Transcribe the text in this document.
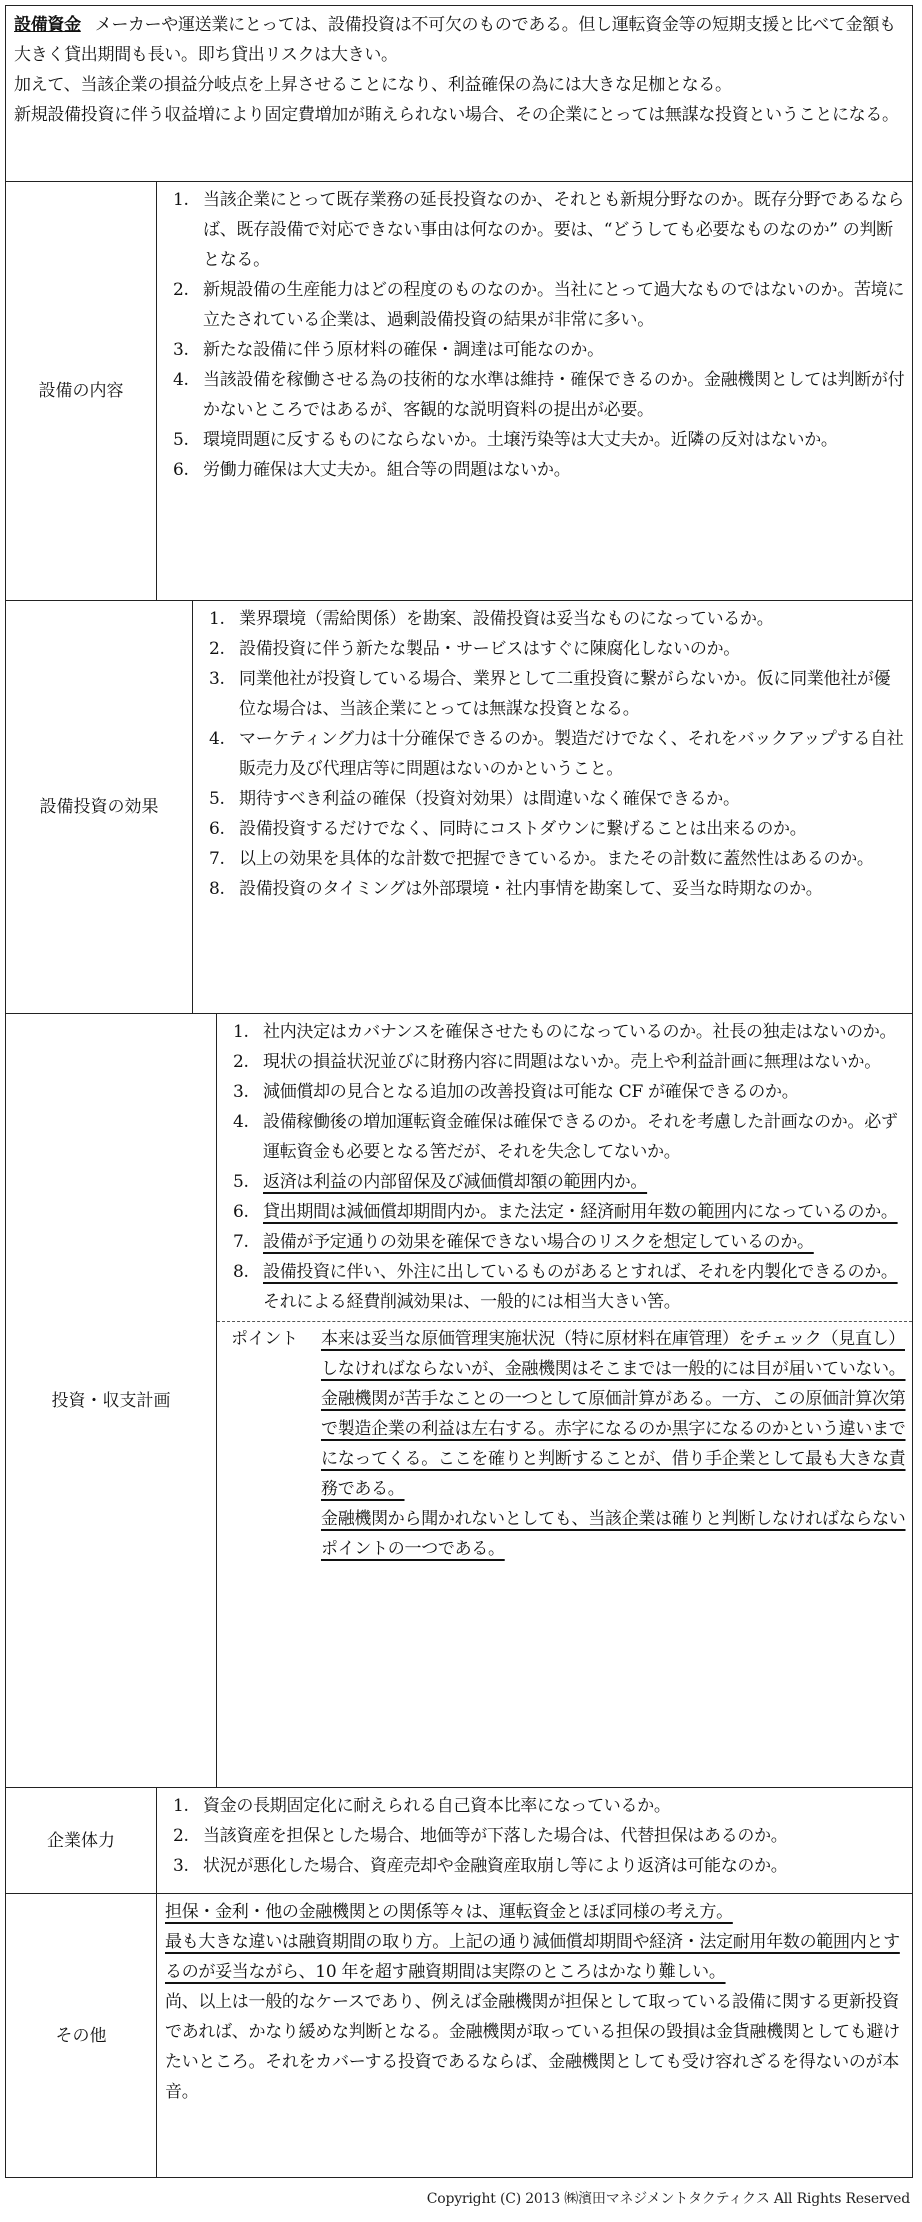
設備資金 メーカーや運送業にとっては、設備投資は不可欠のものである。但し運転資金等の短期支援と比べて金額も大きく貸出期間も長い。即ち貸出リスクは大きい。
加えて、当該企業の損益分岐点を上昇させることになり、利益確保の為には大きな足枷となる。
新規設備投資に伴う収益増により固定費増加が賄えられない場合、その企業にとっては無謀な投資ということになる。
設備の内容
1. 当該企業にとって既存業務の延長投資なのか、それとも新規分野なのか。既存分野であるならば、既存設備で対応できない事由は何なのか。要は、“どうしても必要なものなのか” の判断となる。
2. 新規設備の生産能力はどの程度のものなのか。当社にとって過大なものではないのか。苦境に立たされている企業は、過剰設備投資の結果が非常に多い。
3. 新たな設備に伴う原材料の確保・調達は可能なのか。
4. 当該設備を稼働させる為の技術的な水準は維持・確保できるのか。金融機関としては判断が付かないところではあるが、客観的な説明資料の提出が必要。
5. 環境問題に反するものにならないか。土壌汚染等は大丈夫か。近隣の反対はないか。
6. 労働力確保は大丈夫か。組合等の問題はないか。
設備投資の効果
1. 業界環境（需給関係）を勘案、設備投資は妥当なものになっているか。
2. 設備投資に伴う新たな製品・サービスはすぐに陳腐化しないのか。
3. 同業他社が投資している場合、業界として二重投資に繋がらないか。仮に同業他社が優位な場合は、当該企業にとっては無謀な投資となる。
4. マーケティング力は十分確保できるのか。製造だけでなく、それをバックアップする自社販売力及び代理店等に問題はないのかということ。
5. 期待すべき利益の確保（投資対効果）は間違いなく確保できるか。
6. 設備投資するだけでなく、同時にコストダウンに繋げることは出来るのか。
7. 以上の効果を具体的な計数で把握できているか。またその計数に蓋然性はあるのか。
8. 設備投資のタイミングは外部環境・社内事情を勘案して、妥当な時期なのか。
投資・収支計画
1. 社内決定はカバナンスを確保させたものになっているのか。社長の独走はないのか。
2. 現状の損益状況並びに財務内容に問題はないか。売上や利益計画に無理はないか。
3. 減価償却の見合となる追加の改善投資は可能な CF が確保できるのか。
4. 設備稼働後の増加運転資金確保は確保できるのか。それを考慮した計画なのか。必ず運転資金も必要となる筈だが、それを失念してないか。
5. 返済は利益の内部留保及び減価償却額の範囲内か。
6. 貸出期間は減価償却期間内か。また法定・経済耐用年数の範囲内になっているのか。
7. 設備が予定通りの効果を確保できない場合のリスクを想定しているのか。
8. 設備投資に伴い、外注に出しているものがあるとすれば、それを内製化できるのか。それによる経費削減効果は、一般的には相当大きい筈。
ポイント	本来は妥当な原価管理実施状況（特に原材料在庫管理）をチェック（見直し）しなければならないが、金融機関はそこまでは一般的には目が届いていない。
金融機関が苦手なことの一つとして原価計算がある。一方、この原価計算次第で製造企業の利益は左右する。赤字になるのか黒字になるのかという違いまでになってくる。ここを確りと判断することが、借り手企業として最も大きな責務である。
金融機関から聞かれないとしても、当該企業は確りと判断しなければならないポイントの一つである。
企業体力
1. 資金の長期固定化に耐えられる自己資本比率になっているか。
2. 当該資産を担保とした場合、地価等が下落した場合は、代替担保はあるのか。
3. 状況が悪化した場合、資産売却や金融資産取崩し等により返済は可能なのか。
その他
担保・金利・他の金融機関との関係等々は、運転資金とほぼ同様の考え方。
最も大きな違いは融資期間の取り方。上記の通り減価償却期間や経済・法定耐用年数の範囲内とするのが妥当ながら、10 年を超す融資期間は実際のところはかなり難しい。
尚、以上は一般的なケースであり、例えば金融機関が担保として取っている設備に関する更新投資であれば、かなり緩めな判断となる。金融機関が取っている担保の毀損は金貨融機関としても避けたいところ。それをカバーする投資であるならば、金融機関としても受け容れざるを得ないのが本音。
Copyright (C) 2013 ㈱濱田マネジメントタクティクス All Rights Reserved
